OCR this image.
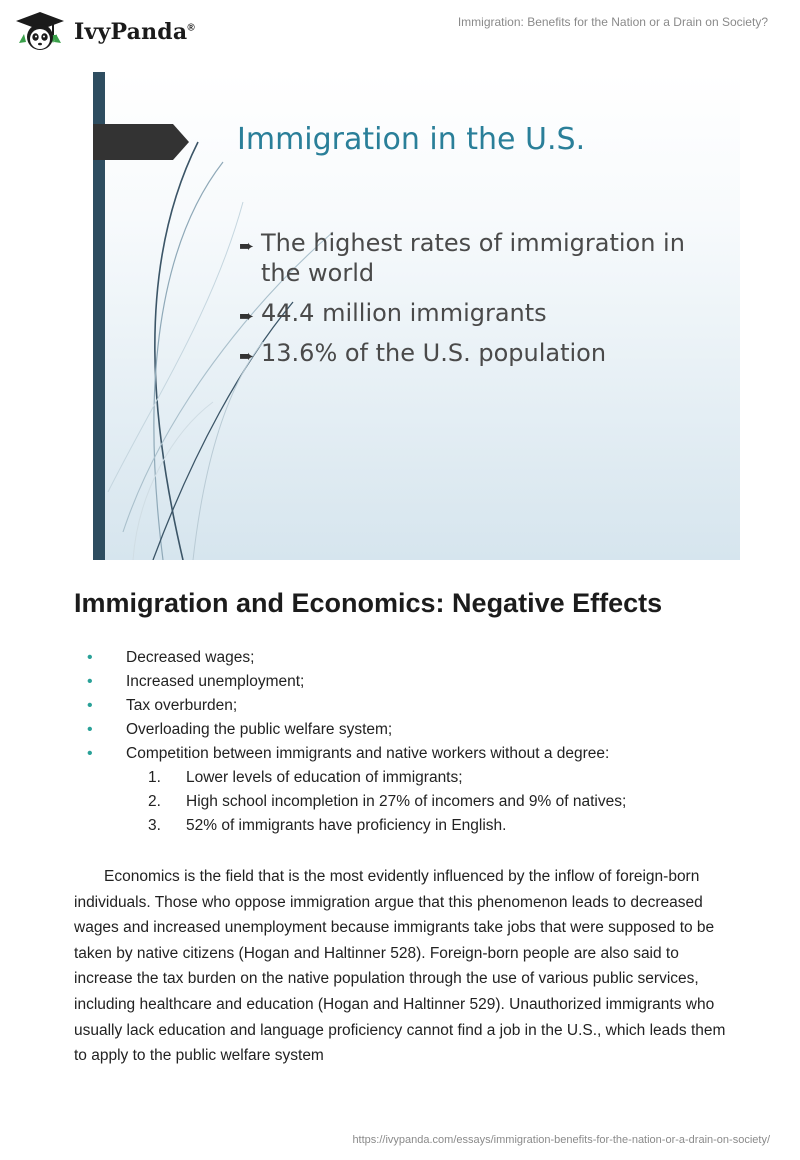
IvyPanda®	Immigration: Benefits for the Nation or a Drain on Society?
Immigration in the U.S.
➨ The highest rates of immigration in the world
➨ 44.4 million immigrants
➨ 13.6% of the U.S. population
Immigration and Economics: Negative Effects
• Decreased wages;
• Increased unemployment;
• Tax overburden;
• Overloading the public welfare system;
• Competition between immigrants and native workers without a degree:
1. Lower levels of education of immigrants;
2. High school incompletion in 27% of incomers and 9% of natives;
3. 52% of immigrants have proficiency in English.

Economics is the field that is the most evidently influenced by the inflow of foreign-born individuals. Those who oppose immigration argue that this phenomenon leads to decreased wages and increased unemployment because immigrants take jobs that were supposed to be taken by native citizens (Hogan and Haltinner 528). Foreign-born people are also said to increase the tax burden on the native population through the use of various public services, including healthcare and education (Hogan and Haltinner 529). Unauthorized immigrants who usually lack education and language proficiency cannot find a job in the U.S., which leads them to apply to the public welfare system

https://ivypanda.com/essays/immigration-benefits-for-the-nation-or-a-drain-on-society/
